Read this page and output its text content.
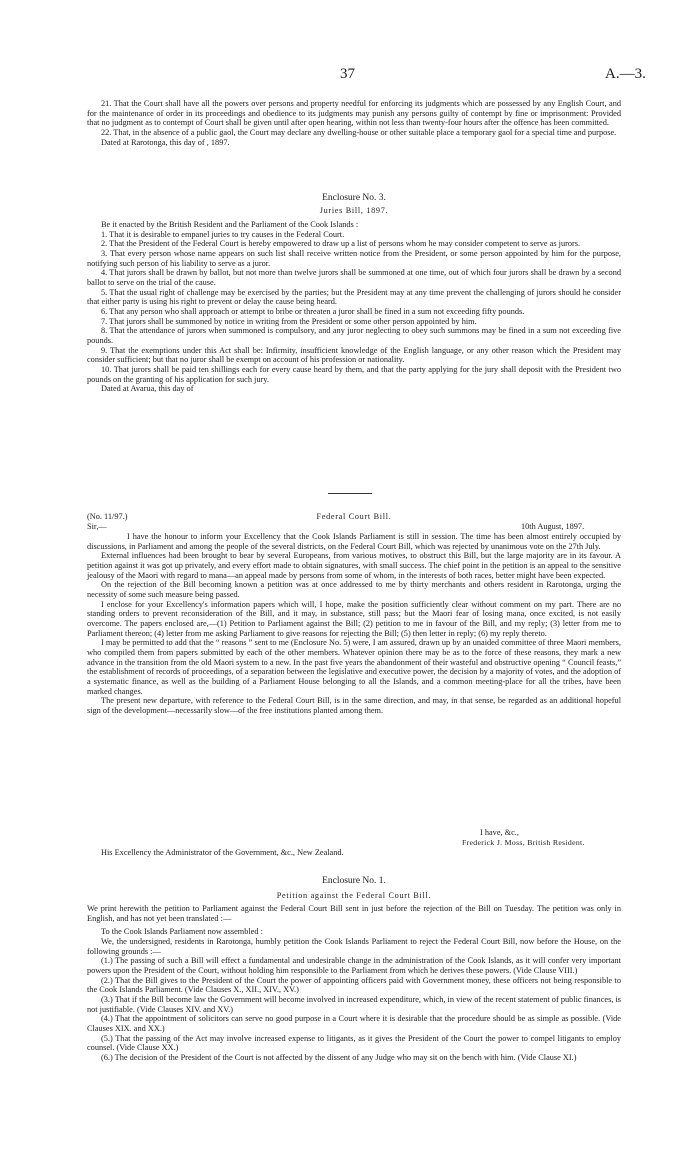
37	A.—3.

21. That the Court shall have all the powers over persons and property needful for enforcing its judgments which are possessed by any English Court, and for the maintenance of order in its proceedings and obedience to its judgments may punish any persons guilty of contempt by fine or imprisonment: Provided that no judgment as to contempt of Court shall be given until after open hearing, within not less than twenty-four hours after the offence has been committed.

22. That, in the absence of a public gaol, the Court may declare any dwelling-house or other suitable place a temporary gaol for a special time and purpose.

Dated at Rarotonga, this day of , 1897.

Enclosure No. 3.
Juries Bill, 1897.

Be it enacted by the British Resident and the Parliament of the Cook Islands :

1. That it is desirable to empanel juries to try causes in the Federal Court.

2. That the President of the Federal Court is hereby empowered to draw up a list of persons whom he may consider competent to serve as jurors.

3. That every person whose name appears on such list shall receive written notice from the President, or some person appointed by him for the purpose, notifying such person of his liability to serve as a juror.

4. That jurors shall be drawn by ballot, but not more than twelve jurors shall be summoned at one time, out of which four jurors shall be drawn by a second ballot to serve on the trial of the cause.

5. That the usual right of challenge may be exercised by the parties; but the President may at any time prevent the challenging of jurors should he consider that either party is using his right to prevent or delay the cause being heard.

6. That any person who shall approach or attempt to bribe or threaten a juror shall be fined in a sum not exceeding fifty pounds.

7. That jurors shall be summoned by notice in writing from the President or some other person appointed by him.

8. That the attendance of jurors when summoned is compulsory, and any juror neglecting to obey such summons may be fined in a sum not exceeding five pounds.

9. That the exemptions under this Act shall be: Infirmity, insufficient knowledge of the English language, or any other reason which the President may consider sufficient; but that no juror shall be exempt on account of his profession or nationality.

10. That jurors shall be paid ten shillings each for every cause heard by them, and that the party applying for the jury shall deposit with the President two pounds on the granting of his application for such jury.

Dated at Avarua, this day of

(No. 11/97.)	Federal Court Bill.
Sir,—	10th August, 1897.

I have the honour to inform your Excellency that the Cook Islands Parliament is still in session. The time has been almost entirely occupied by discussions, in Parliament and among the people of the several districts, on the Federal Court Bill, which was rejected by unanimous vote on the 27th July.

External influences had been brought to bear by several Europeans, from various motives, to obstruct this Bill, but the large majority are in its favour. A petition against it was got up privately, and every effort made to obtain signatures, with small success. The chief point in the petition is an appeal to the sensitive jealousy of the Maori with regard to mana—an appeal made by persons from some of whom, in the interests of both races, better might have been expected.

On the rejection of the Bill becoming known a petition was at once addressed to me by thirty merchants and others resident in Rarotonga, urging the necessity of some such measure being passed.

I enclose for your Excellency's information papers which will, I hope, make the position sufficiently clear without comment on my part. There are no standing orders to prevent reconsideration of the Bill, and it may, in substance, still pass; but the Maori fear of losing mana, once excited, is not easily overcome. The papers enclosed are,—(1) Petition to Parliament against the Bill; (2) petition to me in favour of the Bill, and my reply; (3) letter from me to Parliament thereon; (4) letter from me asking Parliament to give reasons for rejecting the Bill; (5) then letter in reply; (6) my reply thereto.

I may be permitted to add that the “ reasons ” sent to me (Enclosure No. 5) were, I am assured, drawn up by an unaided committee of three Maori members, who compiled them from papers submitted by each of the other members. Whatever opinion there may be as to the force of these reasons, they mark a new advance in the transition from the old Maori system to a new. In the past five years the abandonment of their wasteful and obstructive opening “ Council feasts,” the establishment of records of proceedings, of a separation between the legislative and executive power, the decision by a majority of votes, and the adoption of a systematic finance, as well as the building of a Parliament House belonging to all the Islands, and a common meeting-place for all the tribes, have been marked changes.

The present new departure, with reference to the Federal Court Bill, is in the same direction, and may, in that sense, be regarded as an additional hopeful sign of the development—necessarily slow—of the free institutions planted among them.

I have, &c.,
Frederick J. Moss, British Resident.
His Excellency the Administrator of the Government, &c., New Zealand.
Enclosure No. 1.
Petition against the Federal Court Bill.

We print herewith the petition to Parliament against the Federal Court Bill sent in just before the rejection of the Bill on Tuesday. The petition was only in English, and has not yet been translated :—

To the Cook Islands Parliament now assembled :

We, the undersigned, residents in Rarotonga, humbly petition the Cook Islands Parliament to reject the Federal Court Bill, now before the House, on the following grounds :—

(1.) The passing of such a Bill will effect a fundamental and undesirable change in the administration of the Cook Islands, as it will confer very important powers upon the President of the Court, without holding him responsible to the Parliament from which he derives these powers. (Vide Clause VIII.)

(2.) That the Bill gives to the President of the Court the power of appointing officers paid with Government money, these officers not being responsible to the Cook Islands Parliament. (Vide Clauses X., XII., XIV., XV.)

(3.) That if the Bill become law the Government will become involved in increased expenditure, which, in view of the recent statement of public finances, is not justifiable. (Vide Clauses XIV. and XV.)

(4.) That the appointment of solicitors can serve no good purpose in a Court where it is desirable that the procedure should be as simple as possible. (Vide Clauses XIX. and XX.)

(5.) That the passing of the Act may involve increased expense to litigants, as it gives the President of the Court the power to compel litigants to employ counsel. (Vide Clause XX.)

(6.) The decision of the President of the Court is not affected by the dissent of any Judge who may sit on the bench with him. (Vide Clause XI.)
